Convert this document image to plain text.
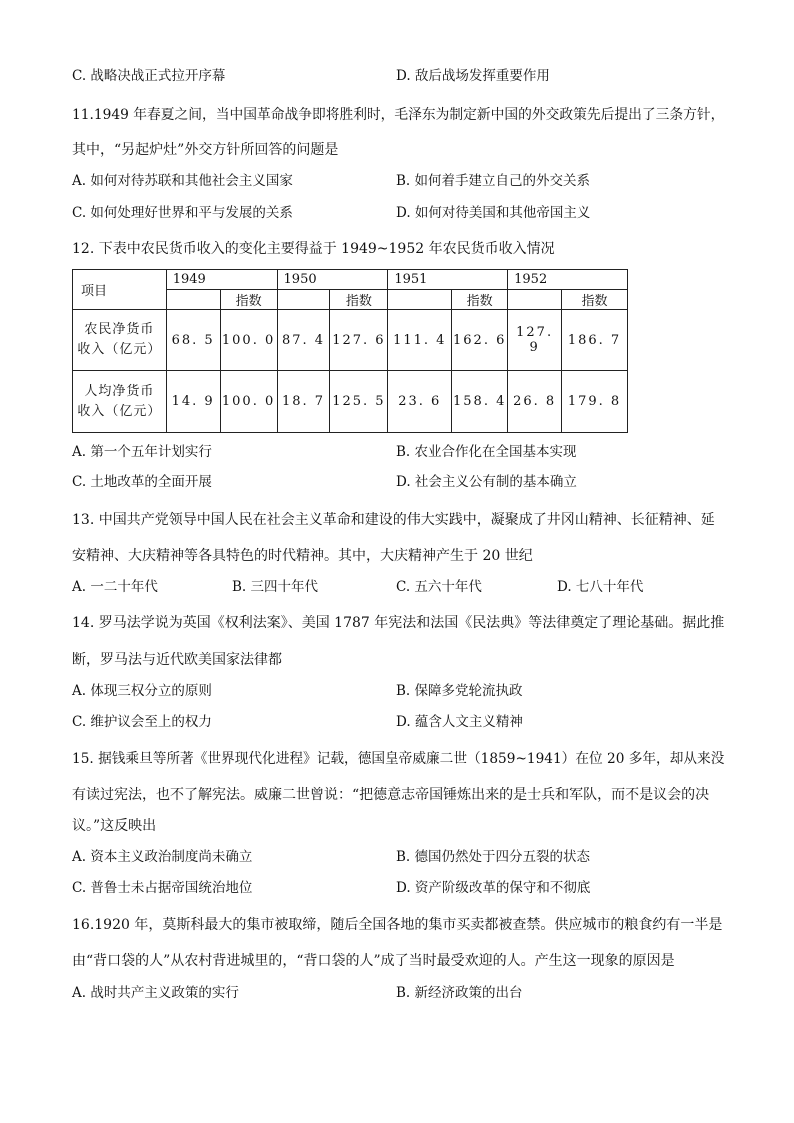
C. 战略决战正式拉开序幕	D. 敌后战场发挥重要作用
11.1949 年春夏之间，当中国革命战争即将胜利时，毛泽东为制定新中国的外交政策先后提出了三条方针，
其中，“另起炉灶”外交方针所回答的问题是
A. 如何对待苏联和其他社会主义国家	B. 如何着手建立自己的外交关系
C. 如何处理好世界和平与发展的关系	D. 如何对待美国和其他帝国主义
12. 下表中农民货币收入的变化主要得益于 1949~1952 年农民货币收入情况
项目	1949		1950		1951		1952	
		指数		指数		指数		指数

农民净货币
收入（亿元）	68. 5	100. 0	87. 4	127. 6	111. 4	162. 6	127. 9	186. 7

人均净货币
收入（亿元）	14. 9	100. 0	18. 7	125. 5	23. 6	158. 4	26. 8	179. 8
A. 第一个五年计划实行	B. 农业合作化在全国基本实现
C. 土地改革的全面开展	D. 社会主义公有制的基本确立
13. 中国共产党领导中国人民在社会主义革命和建设的伟大实践中，凝聚成了井冈山精神、长征精神、延
安精神、大庆精神等各具特色的时代精神。其中，大庆精神产生于 20 世纪
A. 一二十年代	B. 三四十年代	C. 五六十年代	D. 七八十年代
14. 罗马法学说为英国《权利法案》、美国 1787 年宪法和法国《民法典》等法律奠定了理论基础。据此推
断，罗马法与近代欧美国家法律都
A. 体现三权分立的原则	B. 保障多党轮流执政
C. 维护议会至上的权力	D. 蕴含人文主义精神
15. 据钱乘旦等所著《世界现代化进程》记载，德国皇帝威廉二世（1859~1941）在位 20 多年，却从来没
有读过宪法，也不了解宪法。威廉二世曾说：“把德意志帝国锤炼出来的是士兵和军队，而不是议会的决
议。”这反映出
A. 资本主义政治制度尚未确立	B. 德国仍然处于四分五裂的状态
C. 普鲁士未占据帝国统治地位	D. 资产阶级改革的保守和不彻底
16.1920 年，莫斯科最大的集市被取缔，随后全国各地的集市买卖都被查禁。供应城市的粮食约有一半是
由“背口袋的人”从农村背进城里的，“背口袋的人”成了当时最受欢迎的人。产生这一现象的原因是
A. 战时共产主义政策的实行	B. 新经济政策的出台
